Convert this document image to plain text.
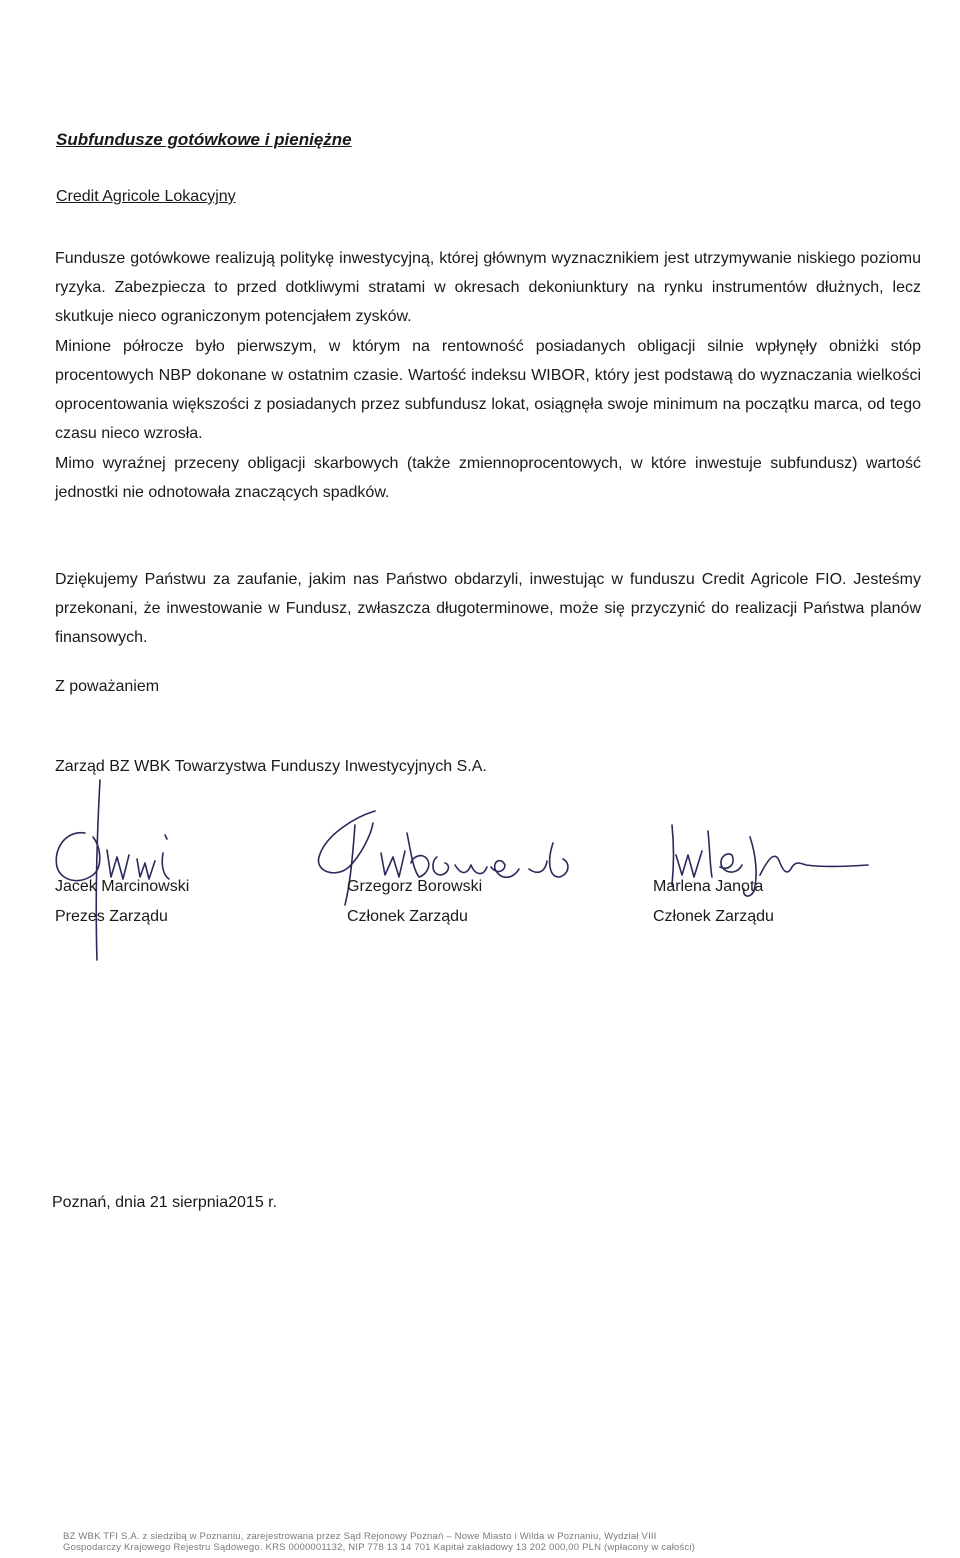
Subfundusze gotówkowe i pieniężne

Credit Agricole Lokacyjny

Fundusze gotówkowe realizują politykę inwestycyjną, której głównym wyznacznikiem jest utrzymywanie niskiego poziomu ryzyka. Zabezpiecza to przed dotkliwymi stratami w okresach dekoniunktury na rynku instrumentów dłużnych, lecz skutkuje nieco ograniczonym potencjałem zysków.

Minione półrocze było pierwszym, w którym na rentowność posiadanych obligacji silnie wpłynęły obniżki stóp procentowych NBP dokonane w ostatnim czasie. Wartość indeksu WIBOR, który jest podstawą do wyznaczania wielkości oprocentowania większości z posiadanych przez subfundusz lokat, osiągnęła swoje minimum na początku marca, od tego czasu nieco wzrosła.

Mimo wyraźnej przeceny obligacji skarbowych (także zmiennoprocentowych, w które inwestuje subfundusz) wartość jednostki nie odnotowała znaczących spadków.

Dziękujemy Państwu za zaufanie, jakim nas Państwo obdarzyli, inwestując w funduszu Credit Agricole FIO. Jesteśmy przekonani, że inwestowanie w Fundusz, zwłaszcza długoterminowe, może się przyczynić do realizacji Państwa planów finansowych.

Z poważaniem

Zarząd BZ WBK Towarzystwa Funduszy Inwestycyjnych S.A.

Jacek Marcinowski
Prezes Zarządu
Grzegorz Borowski
Członek Zarządu
Marlena Janota
Członek Zarządu

Poznań, dnia 21 sierpnia2015 r.

BZ WBK TFI S.A. z siedzibą w Poznaniu, zarejestrowana przez Sąd Rejonowy Poznań – Nowe Miasto i Wilda w Poznaniu, Wydział VIII
Gospodarczy Krajowego Rejestru Sądowego. KRS 0000001132, NIP 778 13 14 701 Kapitał zakładowy 13 202 000,00 PLN (wpłacony w całości)
